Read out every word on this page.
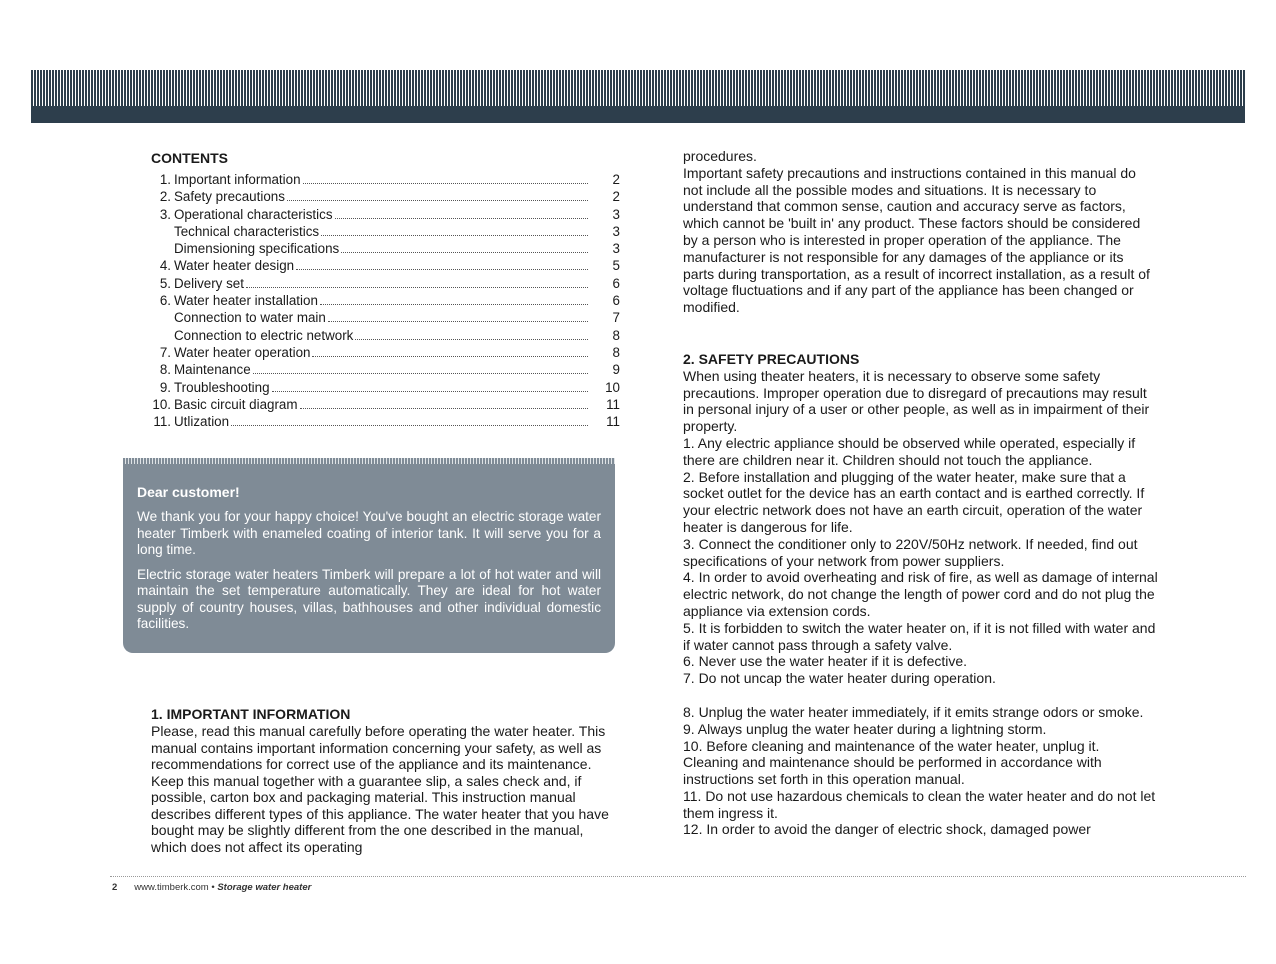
CONTENTS
1. Important information	2
2. Safety precautions	2
3. Operational characteristics	3
Technical characteristics	3
Dimensioning specifications	3
4. Water heater design	5
5. Delivery set	6
6. Water heater installation	6
Connection to water main	7
Connection to electric network	8
7. Water heater operation	8
8. Maintenance	9
9. Troubleshooting	10
10. Basic circuit diagram	11
11. Utlization	11
Dear customer!

We thank you for your happy choice! You've bought an electric storage water heater Timberk with enameled coating of interior tank. It will serve you for a long time.

Electric storage water heaters Timberk will prepare a lot of hot water and will maintain the set temperature automatically. They are ideal for hot water supply of country houses, villas, bathhouses and other individual domestic facilities.

1. IMPORTANT INFORMATION

Please, read this manual carefully before operating the water heater. This manual contains important information concerning your safety, as well as recommendations for correct use of the appliance and its maintenance. Keep this manual together with a guarantee slip, a sales check and, if possible, carton box and packaging material. This instruction manual describes different types of this appliance. The water heater that you have bought may be slightly different from the one described in the manual, which does not affect its operating

procedures.

Important safety precautions and instructions contained in this manual do not include all the possible modes and situations. It is necessary to understand that common sense, caution and accuracy serve as factors, which cannot be 'built in' any product. These factors should be considered by a person who is interested in proper operation of the appliance. The manufacturer is not responsible for any damages of the appliance or its parts during transportation, as a result of incorrect installation, as a result of voltage fluctuations and if any part of the appliance has been changed or modified.

2. SAFETY PRECAUTIONS

When using theater heaters, it is necessary to observe some safety precautions. Improper operation due to disregard of precautions may result in personal injury of a user or other people, as well as in impairment of their property.

1. Any electric appliance should be observed while operated, especially if there are children near it. Children should not touch the appliance.

2. Before installation and plugging of the water heater, make sure that a socket outlet for the device has an earth contact and is earthed correctly. If your electric network does not have an earth circuit, operation of the water heater is dangerous for life.

3. Connect the conditioner only to 220V/50Hz network. If needed, find out specifications of your network from power suppliers.

4. In order to avoid overheating and risk of fire, as well as damage of internal electric network, do not change the length of power cord and do not plug the appliance via extension cords.

5. It is forbidden to switch the water heater on, if it is not filled with water and if water cannot pass through a safety valve.

6. Never use the water heater if it is defective.

7. Do not uncap the water heater during operation.

8. Unplug the water heater immediately, if it emits strange odors or smoke.

9. Always unplug the water heater during a lightning storm.

10. Before cleaning and maintenance of the water heater, unplug it. Cleaning and maintenance should be performed in accordance with instructions set forth in this operation manual.

11. Do not use hazardous chemicals to clean the water heater and do not let them ingress it.

12. In order to avoid the danger of electric shock, damaged power

2 www.timberk.com • Storage water heater
